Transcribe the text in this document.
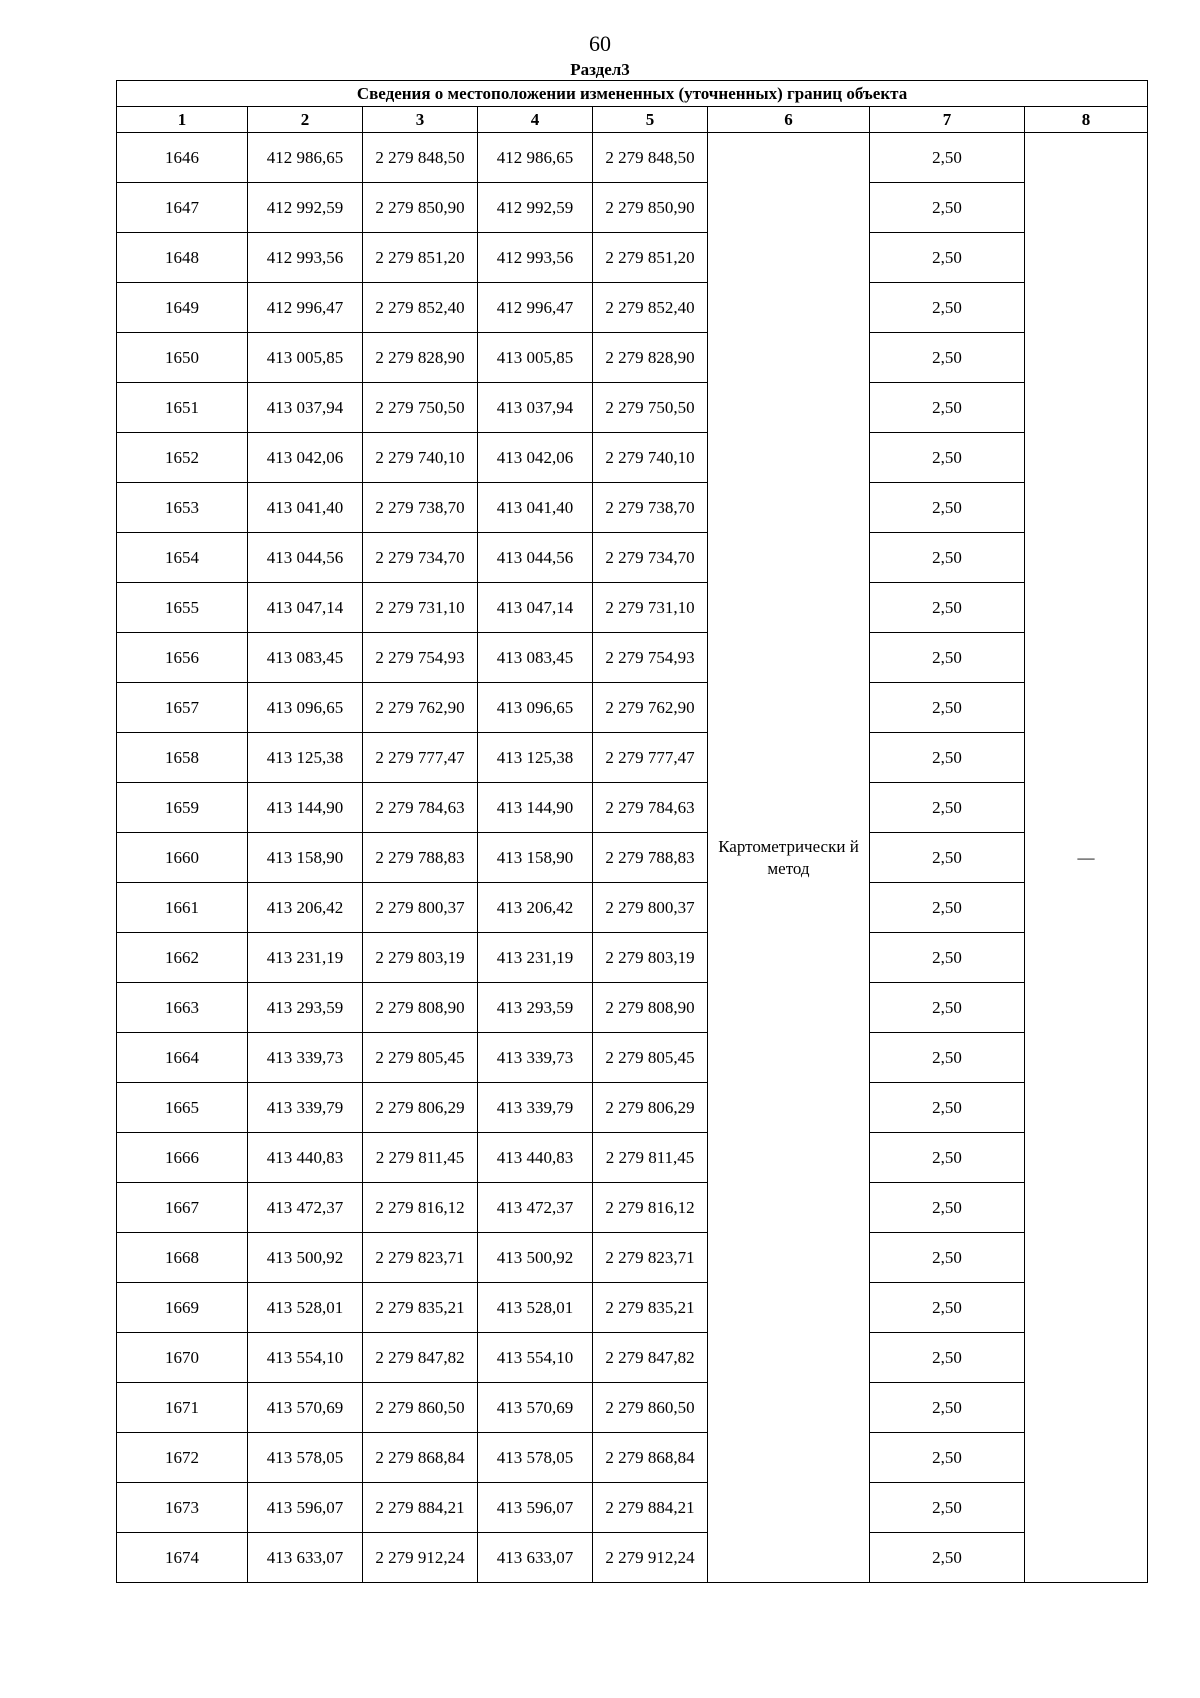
60
Раздел3
Сведения о местоположении измененных (уточненных) границ объекта							
1	2	3	4	5	6	7	8
1646	412 986,65	2 279 848,50	412 986,65	2 279 848,50	Картометрически й метод	2,50	—
1647	412 992,59	2 279 850,90	412 992,59	2 279 850,90		2,50	
1648	412 993,56	2 279 851,20	412 993,56	2 279 851,20		2,50	
1649	412 996,47	2 279 852,40	412 996,47	2 279 852,40		2,50	
1650	413 005,85	2 279 828,90	413 005,85	2 279 828,90		2,50	
1651	413 037,94	2 279 750,50	413 037,94	2 279 750,50		2,50	
1652	413 042,06	2 279 740,10	413 042,06	2 279 740,10		2,50	
1653	413 041,40	2 279 738,70	413 041,40	2 279 738,70		2,50	
1654	413 044,56	2 279 734,70	413 044,56	2 279 734,70		2,50	
1655	413 047,14	2 279 731,10	413 047,14	2 279 731,10		2,50	
1656	413 083,45	2 279 754,93	413 083,45	2 279 754,93		2,50	
1657	413 096,65	2 279 762,90	413 096,65	2 279 762,90		2,50	
1658	413 125,38	2 279 777,47	413 125,38	2 279 777,47		2,50	
1659	413 144,90	2 279 784,63	413 144,90	2 279 784,63		2,50	
1660	413 158,90	2 279 788,83	413 158,90	2 279 788,83		2,50	
1661	413 206,42	2 279 800,37	413 206,42	2 279 800,37		2,50	
1662	413 231,19	2 279 803,19	413 231,19	2 279 803,19		2,50	
1663	413 293,59	2 279 808,90	413 293,59	2 279 808,90		2,50	
1664	413 339,73	2 279 805,45	413 339,73	2 279 805,45		2,50	
1665	413 339,79	2 279 806,29	413 339,79	2 279 806,29		2,50	
1666	413 440,83	2 279 811,45	413 440,83	2 279 811,45		2,50	
1667	413 472,37	2 279 816,12	413 472,37	2 279 816,12		2,50	
1668	413 500,92	2 279 823,71	413 500,92	2 279 823,71		2,50	
1669	413 528,01	2 279 835,21	413 528,01	2 279 835,21		2,50	
1670	413 554,10	2 279 847,82	413 554,10	2 279 847,82		2,50	
1671	413 570,69	2 279 860,50	413 570,69	2 279 860,50		2,50	
1672	413 578,05	2 279 868,84	413 578,05	2 279 868,84		2,50	
1673	413 596,07	2 279 884,21	413 596,07	2 279 884,21		2,50	
1674	413 633,07	2 279 912,24	413 633,07	2 279 912,24		2,50	
